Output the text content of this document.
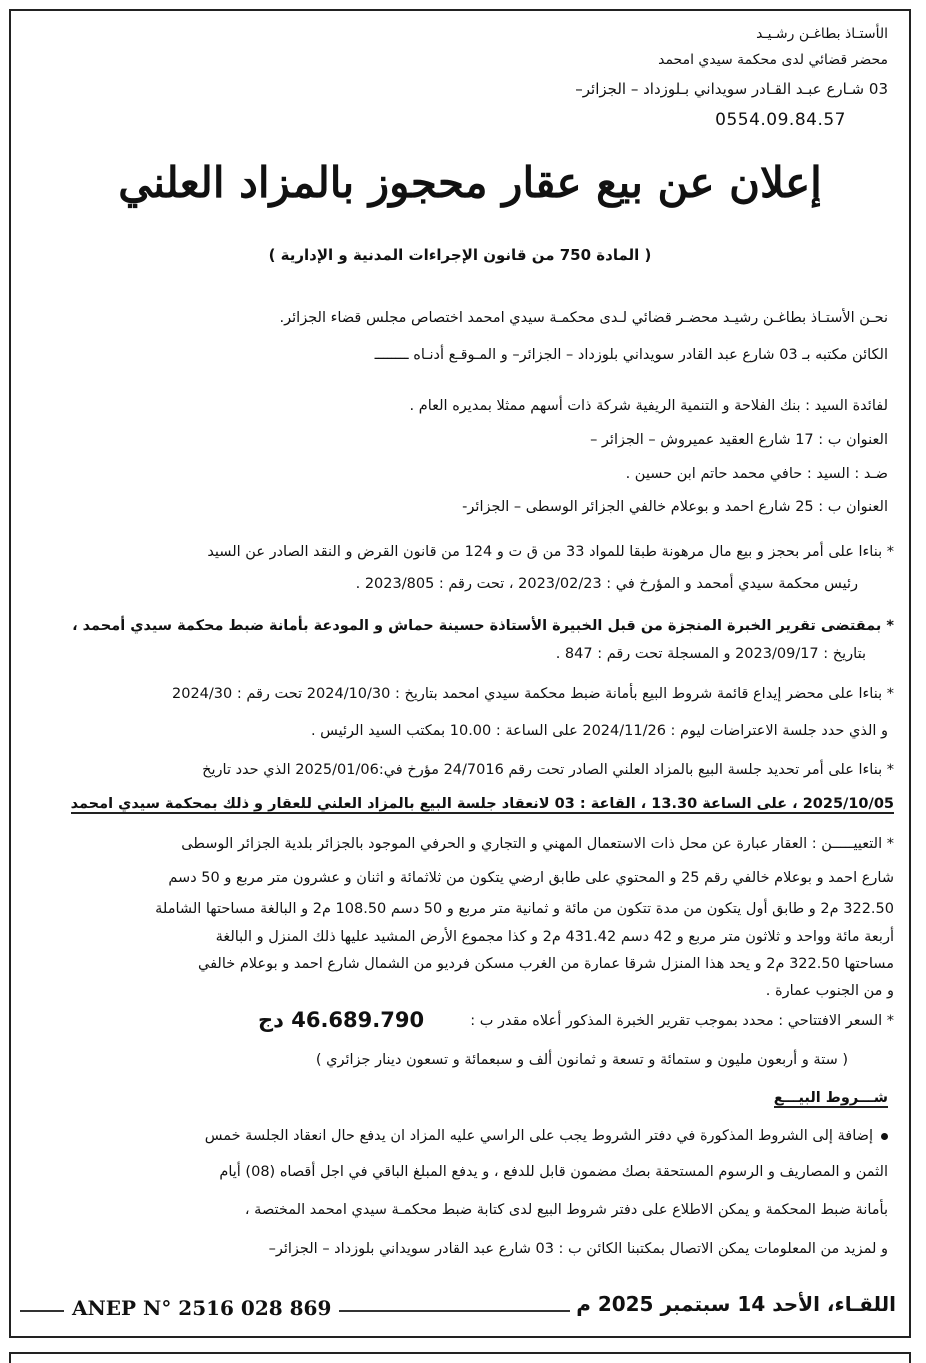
الأستـاذ بطاغـن رشـيـد
محضر قضائي لدى محكمة سيدي امحمد
03 شـارع عبـد القـادر سويداني بـلوزداد – الجزائر–
0554.09.84.57
إعلان عن بيع عقار محجوز بالمزاد العلني
( المادة 750 من قانون الإجراءات المدنية و الإدارية )
نحـن الأستـاذ بطاغـن رشيـد محضـر قضائي لـدى محكمـة سيدي امحمد اختصاص مجلس قضاء الجزائر.
الكائن مكتبه بـ 03 شارع عبد القادر سويداني بلوزداد – الجزائر– و المـوقـع أدنـاه ــــــــ
لفائدة السيد : بنك الفلاحة و التنمية الريفية شركة ذات أسهم ممثلا بمديره العام .
العنوان ب : 17 شارع العقيد عميروش – الجزائر –
ضـد : السيد : حافي محمد حاتم ابن حسين .
العنوان ب : 25 شارع احمد و بوعلام خالفي الجزائر الوسطى – الجزائر-
* بناءا على أمر بحجز و بيع مال مرهونة طبقا للمواد 33 من ق ت و 124 من قانون القرض و النقد الصادر عن السيد
رئيس محكمة سيدي أمحمد و المؤرخ في : 2023/02/23 ، تحت رقم : 2023/805 .
* بمقتضى تقرير الخبرة المنجزة من قبل الخبيرة الأستاذة حسينة حماش و المودعة بأمانة ضبط محكمة سيدي أمحمد ،
بتاريخ : 2023/09/17 و المسجلة تحت رقم : 847 .
* بناءا على محضر إيداع قائمة شروط البيع بأمانة ضبط محكمة سيدي امحمد بتاريخ : 2024/10/30 تحت رقم : 2024/30
و الذي حدد جلسة الاعتراضات ليوم : 2024/11/26 على الساعة : 10.00 بمكتب السيد الرئيس .
* بناءا على أمر تحديد جلسة البيع بالمزاد العلني الصادر تحت رقم 24/7016 مؤرخ في:2025/01/06 الذي حدد تاريخ
2025/10/05 ، على الساعة 13.30 ، القاعة : 03 لانعقاد جلسة البيع بالمزاد العلني للعقار و ذلك بمحكمة سيدي امحمد
* التعييـــــن : العقار عبارة عن محل ذات الاستعمال المهني و التجاري و الحرفي الموجود بالجزائر بلدية الجزائر الوسطى
شارع احمد و بوعلام خالفي رقم 25 و المحتوي على طابق ارضي يتكون من ثلاثمائة و اثنان و عشرون متر مربع و 50 دسم
322.50 م2 و طابق أول يتكون من مدة تتكون من مائة و ثمانية متر مربع و 50 دسم 108.50 م2 و البالغة مساحتها الشاملة
أربعة مائة وواحد و ثلاثون متر مربع و 42 دسم 431.42 م2 و كذا مجموع الأرض المشيد عليها ذلك المنزل و البالغة
مساحتها 322.50 م2 و يحد هذا المنزل شرقا عمارة من الغرب مسكن فرديو من الشمال شارع احمد و بوعلام خالفي
و من الجنوب عمارة .
* السعر الافتتاحي : محدد بموجب تقرير الخبرة المذكور أعلاه مقدر ب :
46.689.790 دج
( ستة و أربعون مليون و ستمائة و تسعة و ثمانون ألف و سبعمائة و تسعون دينار جزائري )
شـــروط البيـــع
إضافة إلى الشروط المذكورة في دفتر الشروط يجب على الراسي عليه المزاد ان يدفع حال انعقاد الجلسة خمس
الثمن و المصاريف و الرسوم المستحقة بصك مضمون قابل للدفع ، و يدفع المبلغ الباقي في اجل أقصاه (08) أيام
بأمانة ضبط المحكمة و يمكن الاطلاع على دفتر شروط البيع لدى كتابة ضبط محكمـة سيدي امحمد المختصة ،
و لمزيد من المعلومات يمكن الاتصال بمكتبنا الكائن ب : 03 شارع عبد القادر سويداني بلوزداد – الجزائر–
اللقـاء، الأحد 14 سبتمبر 2025 م
ANEP N° 2516 028 869
